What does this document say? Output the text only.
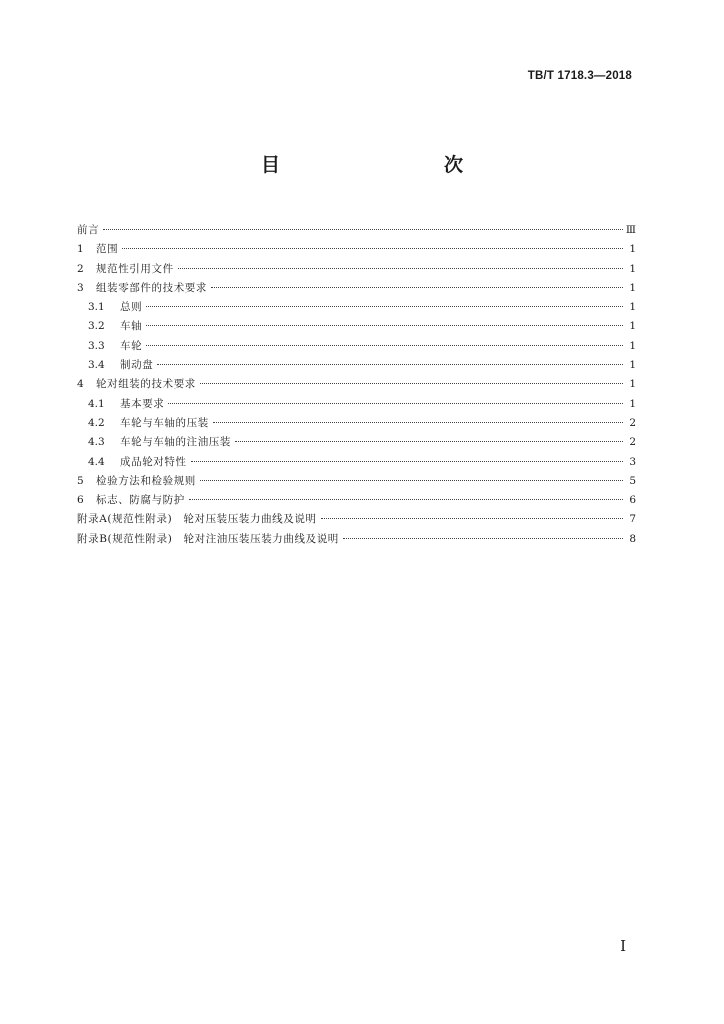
TB/T 1718.3—2018
目　　次
前言	Ⅲ
1	范围	1
2	规范性引用文件	1
3	组装零部件的技术要求	1
3.1	总则	1
3.2	车轴	1
3.3	车轮	1
3.4	制动盘	1
4	轮对组装的技术要求	1
4.1	基本要求	1
4.2	车轮与车轴的压装	2
4.3	车轮与车轴的注油压装	2
4.4	成品轮对特性	3
5	检验方法和检验规则	5
6	标志、防腐与防护	6
附录A(规范性附录)　轮对压装压装力曲线及说明	7
附录B(规范性附录)　轮对注油压装压装力曲线及说明	8
I
